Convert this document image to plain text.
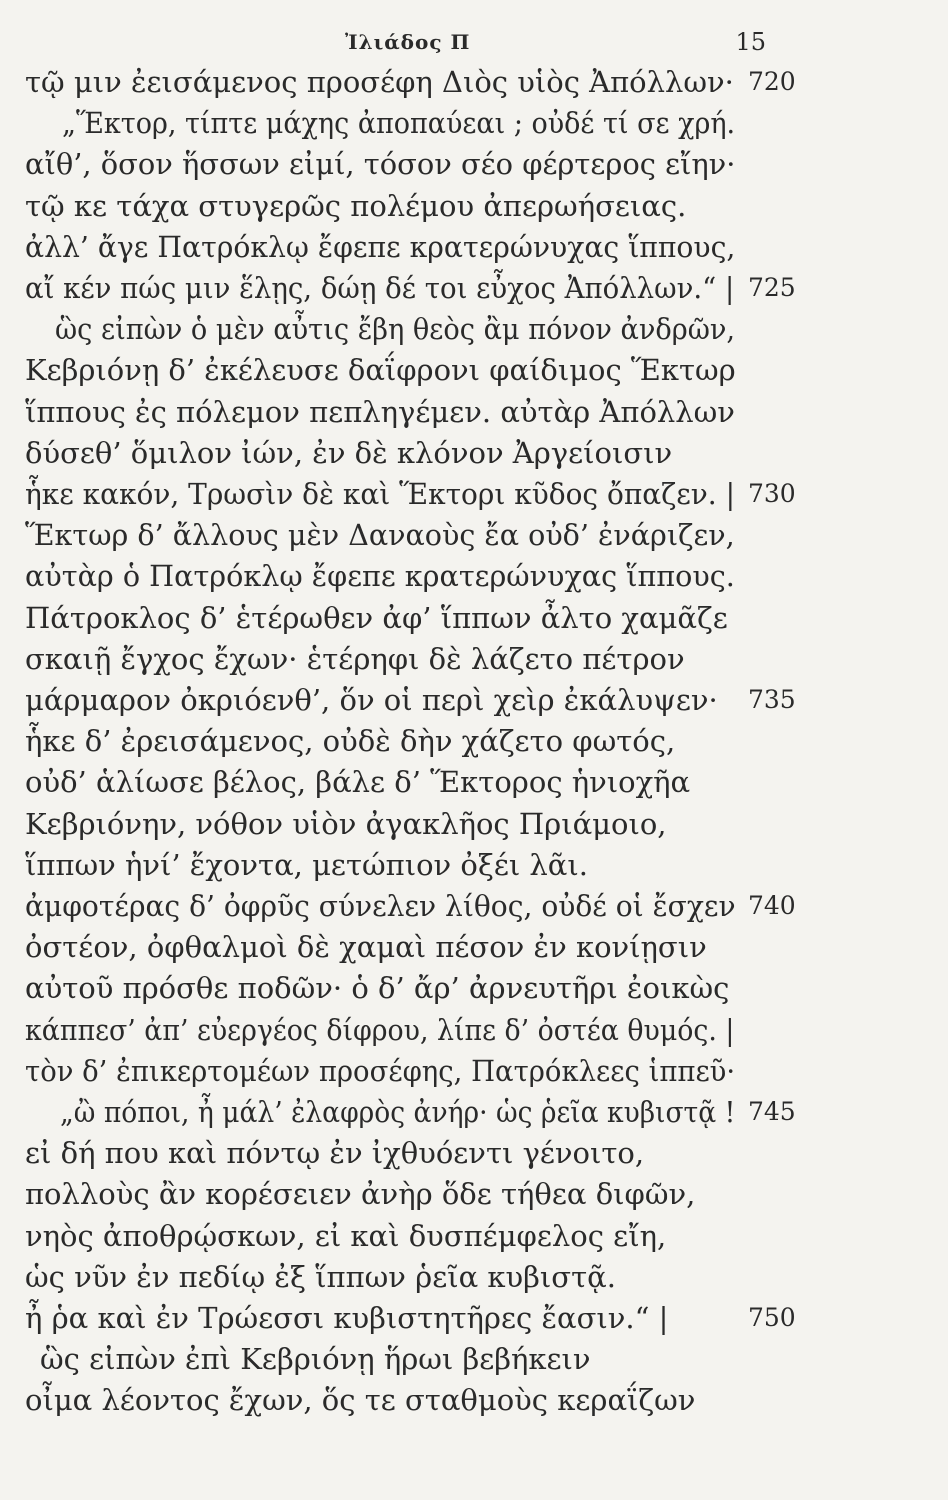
Ἰλιάδος Π	15
τῷ μιν ἐεισάμενος προσέφη Διὸς υἱὸς Ἀπόλλων· 720
„Ἕκτορ, τίπτε μάχης ἀποπαύεαι ; οὐδέ τί σε χρή.
αἴθ’, ὅσον ἥσσων εἰμί, τόσον σέο φέρτερος εἴην·
τῷ κε τάχα στυγερῶς πολέμου ἀπερωήσειας.
ἀλλ’ ἄγε Πατρόκλῳ ἔφεπε κρατερώνυχας ἵππους,
αἴ κέν πώς μιν ἕλῃς, δώῃ δέ τοι εὖχος Ἀπόλλων.“ | 725
ὣς εἰπὼν ὁ μὲν αὖτις ἔβη θεὸς ἂμ πόνον ἀνδρῶν,
Κεβριόνῃ δ’ ἐκέλευσε δαΐφρονι φαίδιμος Ἕκτωρ
ἵππους ἐς πόλεμον πεπληγέμεν. αὐτὰρ Ἀπόλλων
δύσεθ’ ὅμιλον ἰών, ἐν δὲ κλόνον Ἀργείοισιν
ἧκε κακόν, Τρωσὶν δὲ καὶ Ἕκτορι κῦδος ὄπαζεν. | 730
Ἕκτωρ δ’ ἄλλους μὲν Δαναοὺς ἔα οὐδ’ ἐνάριζεν,
αὐτὰρ ὁ Πατρόκλῳ ἔφεπε κρατερώνυχας ἵππους.
Πάτροκλος δ’ ἑτέρωθεν ἀφ’ ἵππων ἆλτο χαμᾶζε
σκαιῇ ἔγχος ἔχων· ἑτέρηφι δὲ λάζετο πέτρον
μάρμαρον ὀκριόενθ’, ὅν οἱ περὶ χεὶρ ἐκάλυψεν· 735
ἧκε δ’ ἐρεισάμενος, οὐδὲ δὴν χάζετο φωτός,
οὐδ’ ἁλίωσε βέλος, βάλε δ’ Ἕκτορος ἡνιοχῆα
Κεβριόνην, νόθον υἱὸν ἀγακλῆος Πριάμοιο,
ἵππων ἡνί’ ἔχοντα, μετώπιον ὀξέι λᾶι.
ἀμφοτέρας δ’ ὀφρῦς σύνελεν λίθος, οὐδέ οἱ ἔσχεν 740
ὀστέον, ὀφθαλμοὶ δὲ χαμαὶ πέσον ἐν κονίῃσιν
αὐτοῦ πρόσθε ποδῶν· ὁ δ’ ἄρ’ ἀρνευτῆρι ἐοικὼς
κάππεσ’ ἀπ’ εὐεργέος δίφρου, λίπε δ’ ὀστέα θυμός. |
τὸν δ’ ἐπικερτομέων προσέφης, Πατρόκλεες ἱππεῦ·
„ὢ πόποι, ἦ μάλ’ ἐλαφρὸς ἀνήρ· ὡς ῥεῖα κυβιστᾷ ! 745
εἰ δή που καὶ πόντῳ ἐν ἰχθυόεντι γένοιτο,
πολλοὺς ἂν κορέσειεν ἀνὴρ ὅδε τήθεα διφῶν,
νηὸς ἀποθρῴσκων, εἰ καὶ δυσπέμφελος εἴη,
ὡς νῦν ἐν πεδίῳ ἐξ ἵππων ῥεῖα κυβιστᾷ.
ἦ ῥα καὶ ἐν Τρώεσσι κυβιστητῆρες ἔασιν.“ |	750
ὣς εἰπὼν ἐπὶ Κεβριόνῃ ἥρωι βεβήκειν
οἶμα λέοντος ἔχων, ὅς τε σταθμοὺς κεραΐζων
